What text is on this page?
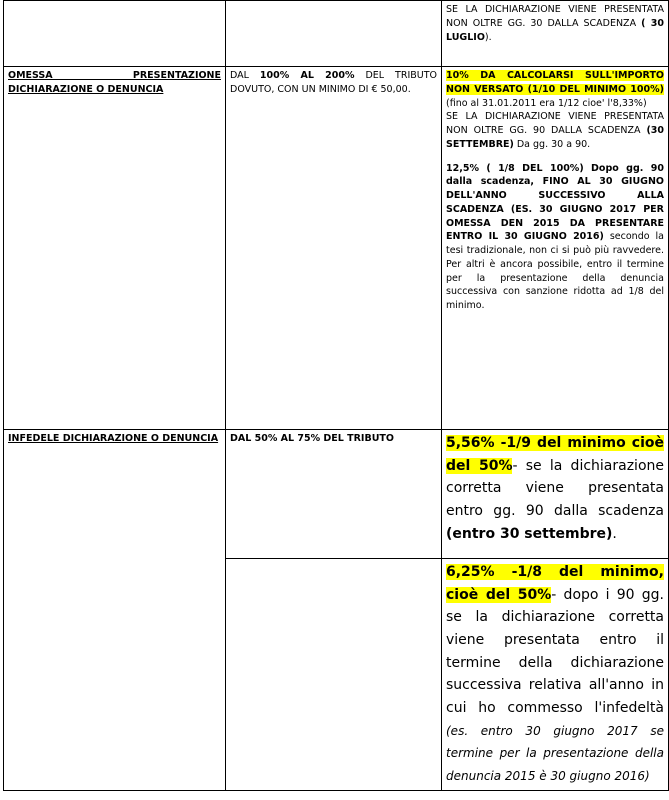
		SE LA DICHIARAZIONE VIENE PRESENTATA NON OLTRE GG. 30 DALLA SCADENZA ( 30 LUGLIO).
OMESSA PRESENTAZIONE DICHIARAZIONE O DENUNCIA	DAL 100% AL 200% DEL TRIBUTO DOVUTO, CON UN MINIMO DI € 50,00.	10% DA CALCOLARSI SULL'IMPORTO NON VERSATO (1/10 DEL MINIMO 100%) (fino al 31.01.2011 era 1/12 cioe' l'8,33%)
SE LA DICHIARAZIONE VIENE PRESENTATA NON OLTRE GG. 90 DALLA SCADENZA (30 SETTEMBRE) Da gg. 30 a 90.
12,5% ( 1/8 DEL 100%) Dopo gg. 90 dalla scadenza, FINO AL 30 GIUGNO DELL'ANNO SUCCESSIVO ALLA SCADENZA (ES. 30 GIUGNO 2017 PER OMESSA DEN 2015 DA PRESENTARE ENTRO IL 30 GIUGNO 2016) secondo la tesi tradizionale, non ci si può più ravvedere. Per altri è ancora possibile, entro il termine per la presentazione della denuncia successiva con sanzione ridotta ad 1/8 del minimo.
INFEDELE DICHIARAZIONE O DENUNCIA	DAL 50% AL 75% DEL TRIBUTO	5,56% -1/9 del minimo cioè del 50%- se la dichiarazione corretta viene presentata entro gg. 90 dalla scadenza (entro 30 settembre).
		6,25% -1/8 del minimo, cioè del 50%- dopo i 90 gg. se la dichiarazione corretta viene presentata entro il termine della dichiarazione successiva relativa all'anno in cui ho commesso l'infedeltà (es. entro 30 giugno 2017 se termine per la presentazione della denuncia 2015 è 30 giugno 2016)
